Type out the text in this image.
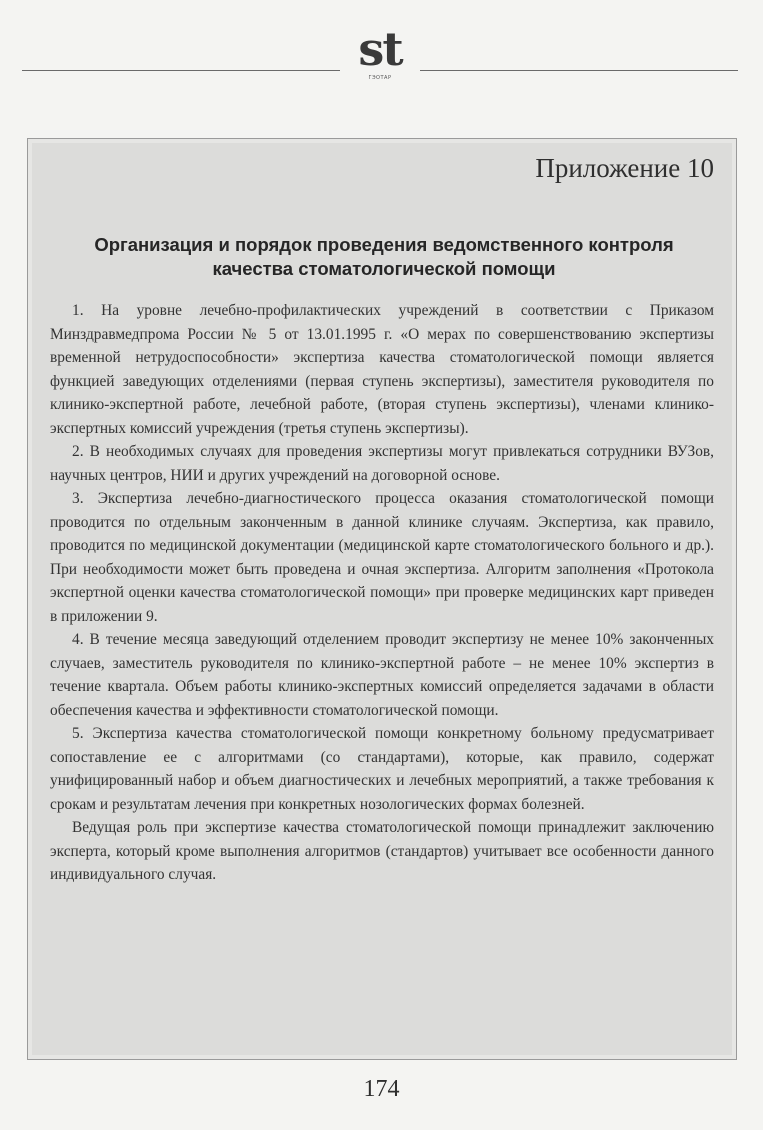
st
ГЭОТАР
Приложение 10
Организация и порядок проведения ведомственного контроля качества стоматологической помощи

1. На уровне лечебно-профилактических учреждений в соответствии с Приказом Минздравмедпрома России № 5 от 13.01.1995 г. «О мерах по совершенствованию экспертизы временной нетрудоспособности» экспертиза качества стоматологической помощи является функцией заведующих отделениями (первая ступень экспертизы), заместителя руководителя по клинико-экспертной работе, лечебной работе, (вторая ступень экспертизы), членами клинико-экспертных комиссий учреждения (третья ступень экспертизы).

2. В необходимых случаях для проведения экспертизы могут привлекаться сотрудники ВУЗов, научных центров, НИИ и других учреждений на договорной основе.

3. Экспертиза лечебно-диагностического процесса оказания стоматологической помощи проводится по отдельным законченным в данной клинике случаям. Экспертиза, как правило, проводится по медицинской документации (медицинской карте стоматологического больного и др.). При необходимости может быть проведена и очная экспертиза. Алгоритм заполнения «Протокола экспертной оценки качества стоматологической помощи» при проверке медицинских карт приведен в приложении 9.

4. В течение месяца заведующий отделением проводит экспертизу не менее 10% законченных случаев, заместитель руководителя по клинико-экспертной работе – не менее 10% экспертиз в течение квартала. Объем работы клинико-экспертных комиссий определяется задачами в области обеспечения качества и эффективности стоматологической помощи.

5. Экспертиза качества стоматологической помощи конкретному больному предусматривает сопоставление ее с алгоритмами (со стандартами), которые, как правило, содержат унифицированный набор и объем диагностических и лечебных мероприятий, а также требования к срокам и результатам лечения при конкретных нозологических формах болезней.

Ведущая роль при экспертизе качества стоматологической помощи принадлежит заключению эксперта, который кроме выполнения алгоритмов (стандартов) учитывает все особенности данного индивидуального случая.

174
